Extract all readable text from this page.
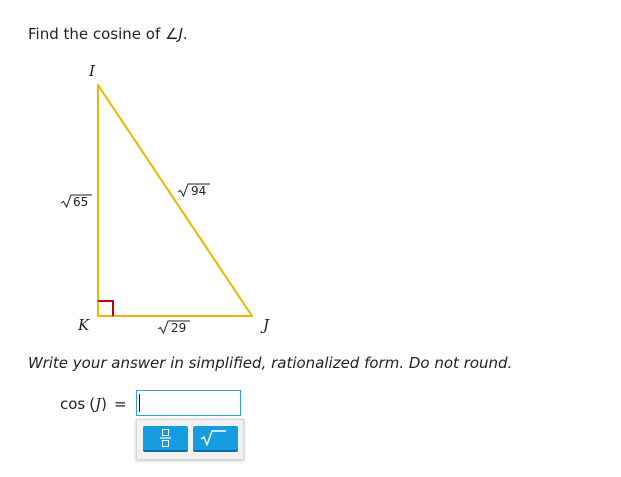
Find the cosine of ∠J.
I
K	J
65
94
29
Write your answer in simplified, rationalized form. Do not round.
cos ( J ) =
